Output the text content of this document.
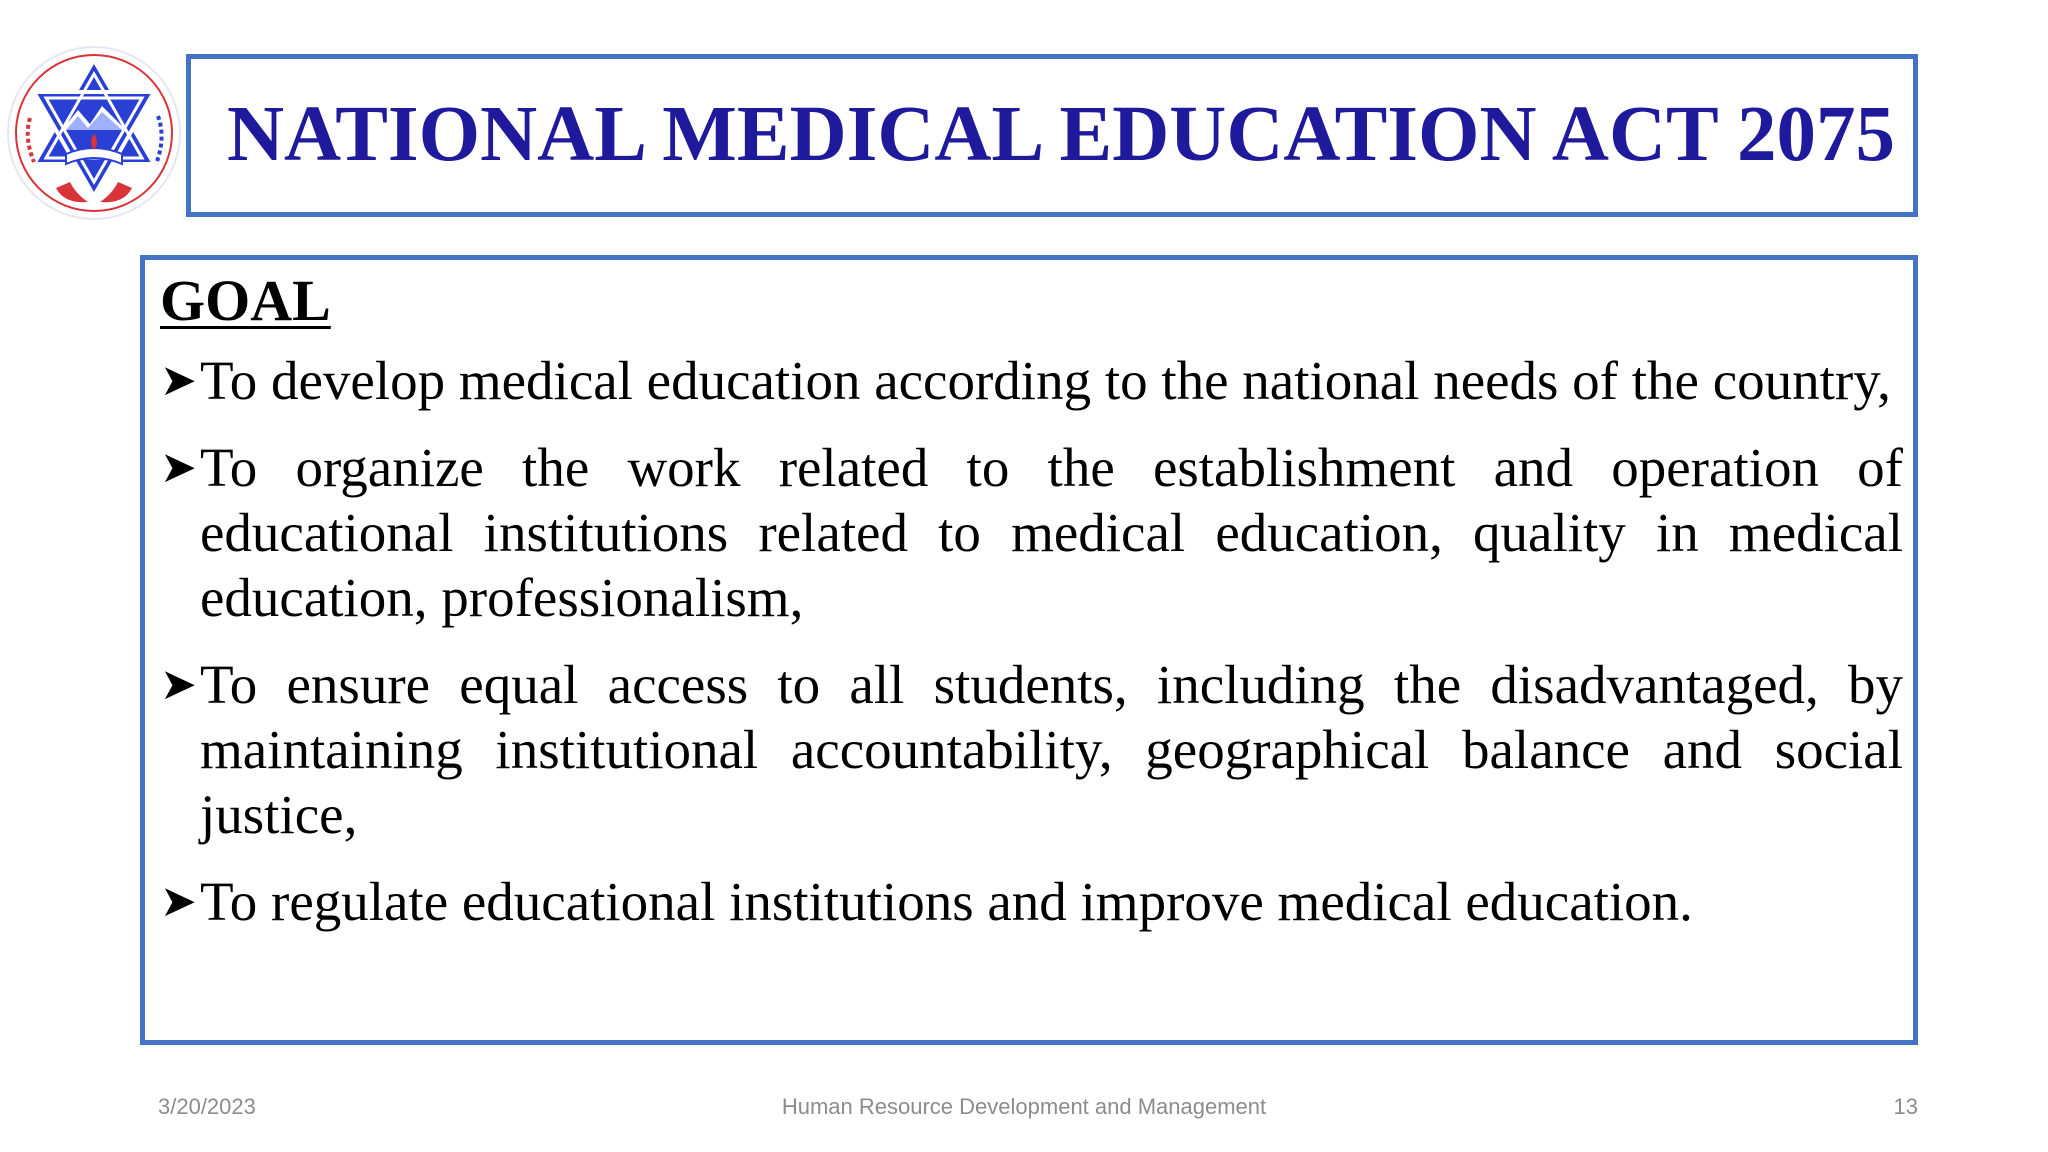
NATIONAL MEDICAL EDUCATION ACT 2075
GOAL
➤ To develop medical education according to the national needs of the country,
➤ To organize the work related to the establishment and operation of educational institutions related to medical education, quality in medical education, professionalism,
➤ To ensure equal access to all students, including the disadvantaged, by maintaining institutional accountability, geographical balance and social justice,
➤ To regulate educational institutions and improve medical education.
3/20/2023	Human Resource Development and Management	13
